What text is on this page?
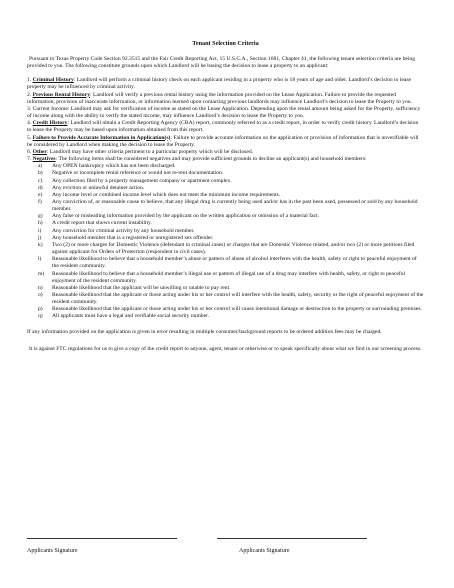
Tenant Selection Criteria

Pursuant to Texas Property Code Section 92.3515 and the Fair Credit Reporting Act, 15 U.S.C.A., Section 1681, Chapter 41, the following tenant selection criteria are being provided to you. The following constitute grounds upon which Landlord will be basing the decision to lease a property to an applicant:

1. Criminal History: Landlord will perform a criminal history check on each applicant residing in a property who is 18 years of age and older. Landlord’s decision to lease property may be influenced by criminal activity.
2. Previous Rental History: Landlord will verify a previous rental history using the information provided on the Lease Application. Failure to provide the requested information, provision of inaccurate information, or information learned upon contacting previous landlords may influence Landlord’s decision to lease the Property to you.
3. Current Income: Landlord may ask for verification of income as stated on the Lease Application. Depending upon the rental amount being asked for the Property, sufficiency of income along with the ability to verify the stated income, may influence Landlord’s decision to lease the Property to you.
4. Credit History: Landlord will obtain a Credit Reporting Agency (CRA) report, commonly referred to as a credit report, in order to verify credit history. Landlord’s decision to lease the Property may be based upon information obtained from this report.
5. Failure to Provide Accurate Information in Application(s): Failure to provide accurate information on the application or provision of information that is unverifiable will be considered by Landlord when making the decision to lease the Property.
6. Other: Landlord may have other criteria pertinent to a particular property which will be disclosed.
7. Negatives: The following items shall be considered negatives and may provide sufficient grounds to decline an applicant(s) and household members:
a)	Any OPEN bankruptcy which has not been discharged.
b)	Negative or incomplete rental reference or would not re-rent documentation.
c)	Any collection filed by a property management company or apartment complex.
d)	Any eviction or unlawful detainer action.
e)	Any income level or combined income level which does not meet the minimum income requirements.
f)	Any conviction of, or reasonable cause to believe, that any illegal drug is currently being used and/or has in the past been used, possessed or sold by any household member.
g)	Any false or misleading information provided by the applicant on the written application or omission of a material fact.
h)	A credit report that shows current instability.
i)	Any conviction for criminal activity by any household member.
j)	Any household member that is a registered or unregistered sex offender.
k)	Two (2) or more charges for Domestic Violence (defendant in criminal cases) or charges that are Domestic Violence related, and/or two (2) or more petitions filed against applicant for Orders of Protection (respondent in civil cases).
l)	Reasonable likelihood to believe that a household member’s abuse or pattern of abuse of alcohol interferes with the health, safety or right to peaceful enjoyment of the resident community.
m)	Reasonable likelihood to believe that a household member’s illegal use or pattern of illegal use of a drug may interfere with health, safety, or right to peaceful enjoyment of the resident community.
n)	Reasonable likelihood that the applicant will be unwilling or unable to pay rent.
o)	Reasonable likelihood that the applicant or those acting under his or her control will interfere with the health, safety, security or the right of peaceful enjoyment of the resident community.
p)	Reasonable likelihood that the applicant or those acting under his or her control will cause intentional damage or destruction to the property or surrounding premises.
q)	All applicants must have a legal and verifiable social security number.

If any information provided on the application is given in error resulting in multiple consumer/background reports to be ordered addition fees may be charged.

It is against FTC regulations for us to give a copy of the credit report to anyone, agent, tenant or otherwise or to speak specifically about what we find in our screening process.

Applicants Signature	Applicants Signature
